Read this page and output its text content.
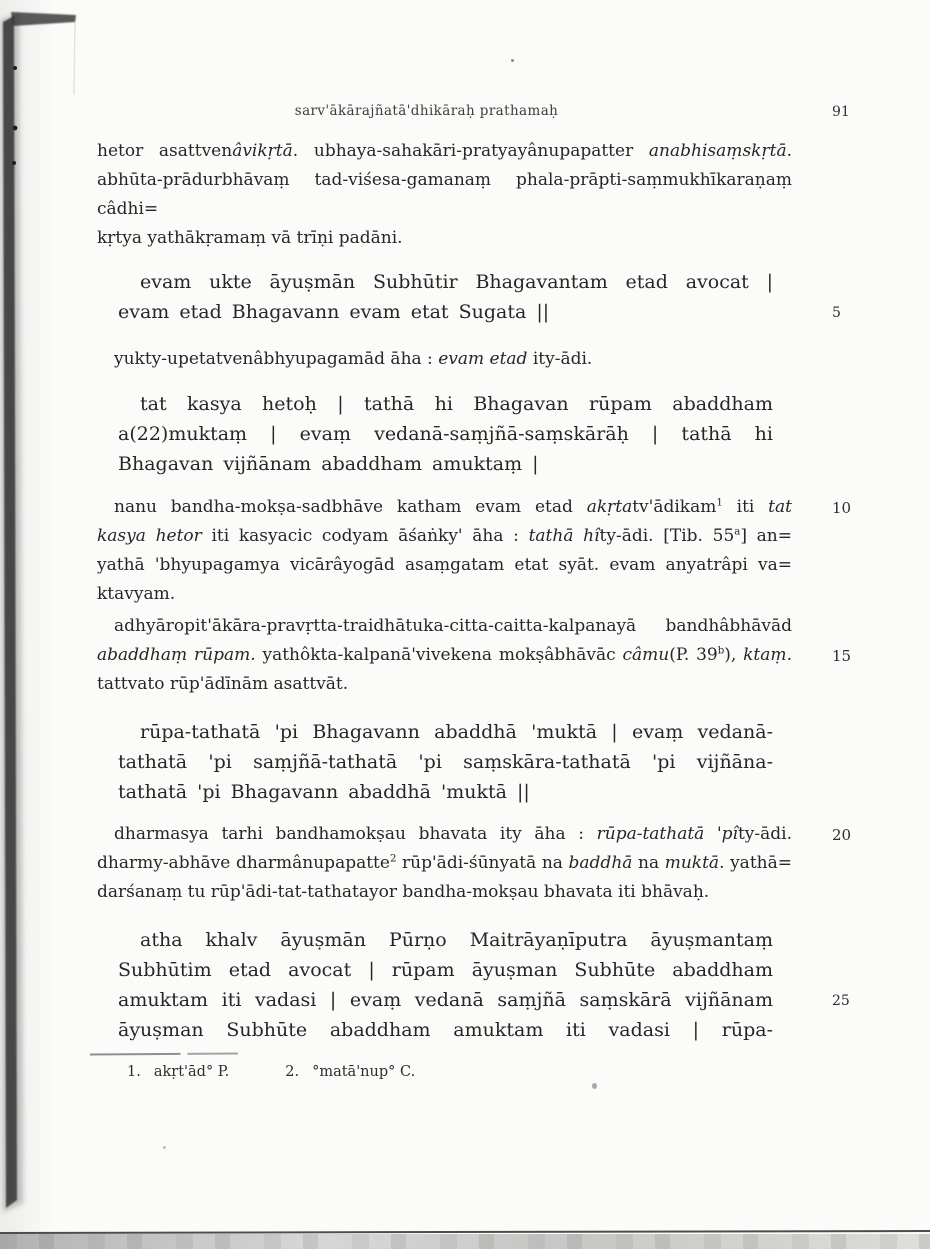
sarv'ākārajñatā'dhikāraḥ prathamaḥ	91
hetor asattvenâvikṛtā. ubhaya-sahakāri-pratyayânupapatter anabhisaṃskṛtā.
abhūta-prādurbhāvaṃ tad-viśesa-gamanaṃ phala-prāpti-saṃmukhīkaraṇaṃ câdhi=
kṛtya yathākṛamaṃ vā trīṇi padāni.
evam ukte āyuṣmān Subhūtir Bhagavantam etad avocat |
evam etad Bhagavann evam etat Sugata ||	5
yukty-upetatvenâbhyupagamād āha : evam etad ity-ādi.
tat kasya hetoḥ | tathā hi Bhagavan rūpam abaddham
a(22)muktaṃ | evaṃ vedanā-saṃjñā-saṃskārāḥ | tathā hi
Bhagavan vijñānam abaddham amuktaṃ |
nanu bandha-mokṣa-sadbhāve katham evam etad akṛtatv'ādikam$^1$ iti tat	10
kasya hetor iti kasyacic codyam āśaṅky' āha : tathā hîty-ādi. [Tib. 55$^a$] an=
yathā 'bhyupagamya vicārâyogād asaṃgatam etat syāt. evam anyatrâpi va=
ktavyam.
adhyāropit'ākāra-pravṛtta-traidhātuka-citta-caitta-kalpanayā bandhâbhāvād
abaddhaṃ rūpam. yathôkta-kalpanā'vivekena mokṣâbhāvāc câmu(P. 39$^b$), ktaṃ.	15
tattvato rūp'ādīnām asattvāt.
rūpa-tathatā 'pi Bhagavann abaddhā 'muktā | evaṃ vedanā-
tathatā 'pi saṃjñā-tathatā 'pi saṃskāra-tathatā 'pi vijñāna-
tathatā 'pi Bhagavann abaddhā 'muktā ||
dharmasya tarhi bandhamokṣau bhavata ity āha : rūpa-tathatā 'pîty-ādi.	20
dharmy-abhāve dharmânupapatte$^2$ rūp'ādi-śūnyatā na baddhā na muktā. yathā=
darśanaṃ tu rūp'ādi-tat-tathatayor bandha-mokṣau bhavata iti bhāvaḥ.
atha khalv āyuṣmān Pūrṇo Maitrāyaṇīputra āyuṣmantaṃ
Subhūtim etad avocat | rūpam āyuṣman Subhūte abaddham
amuktam iti vadasi | evaṃ vedanā saṃjñā saṃskārā vijñānam	25
āyuṣman Subhūte abaddham amuktam iti vadasi | rūpa-
1. akṛt'ād° P.	2. °matā'nup° C.
